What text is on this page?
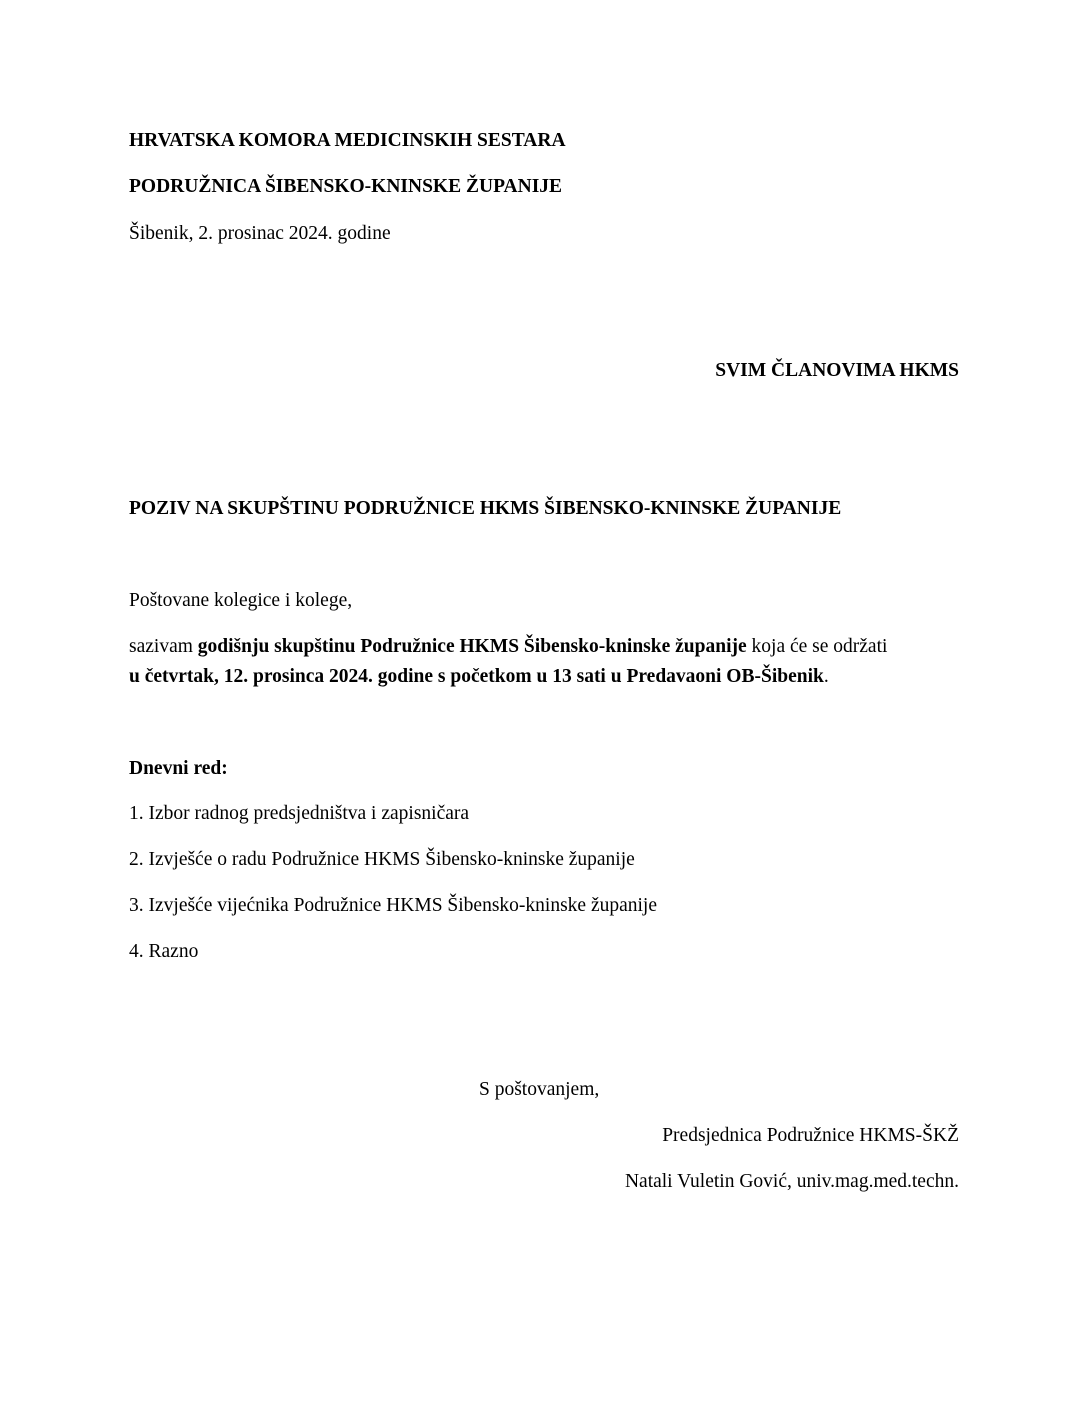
HRVATSKA KOMORA MEDICINSKIH SESTARA

PODRUŽNICA ŠIBENSKO-KNINSKE ŽUPANIJE

Šibenik, 2. prosinac 2024. godine

SVIM ČLANOVIMA HKMS

POZIV NA SKUPŠTINU PODRUŽNICE HKMS ŠIBENSKO-KNINSKE ŽUPANIJE

Poštovane kolegice i kolege,

sazivam godišnju skupštinu Podružnice HKMS Šibensko-kninske županije koja će se održati

u četvrtak, 12. prosinca 2024. godine s početkom u 13 sati u Predavaoni OB-Šibenik.

Dnevni red:

1. Izbor radnog predsjedništva i zapisničara

2. Izvješće o radu Podružnice HKMS Šibensko-kninske županije

3. Izvješće vijećnika Podružnice HKMS Šibensko-kninske županije

4. Razno

S poštovanjem,

Predsjednica Podružnice HKMS-ŠKŽ

Natali Vuletin Gović, univ.mag.med.techn.
